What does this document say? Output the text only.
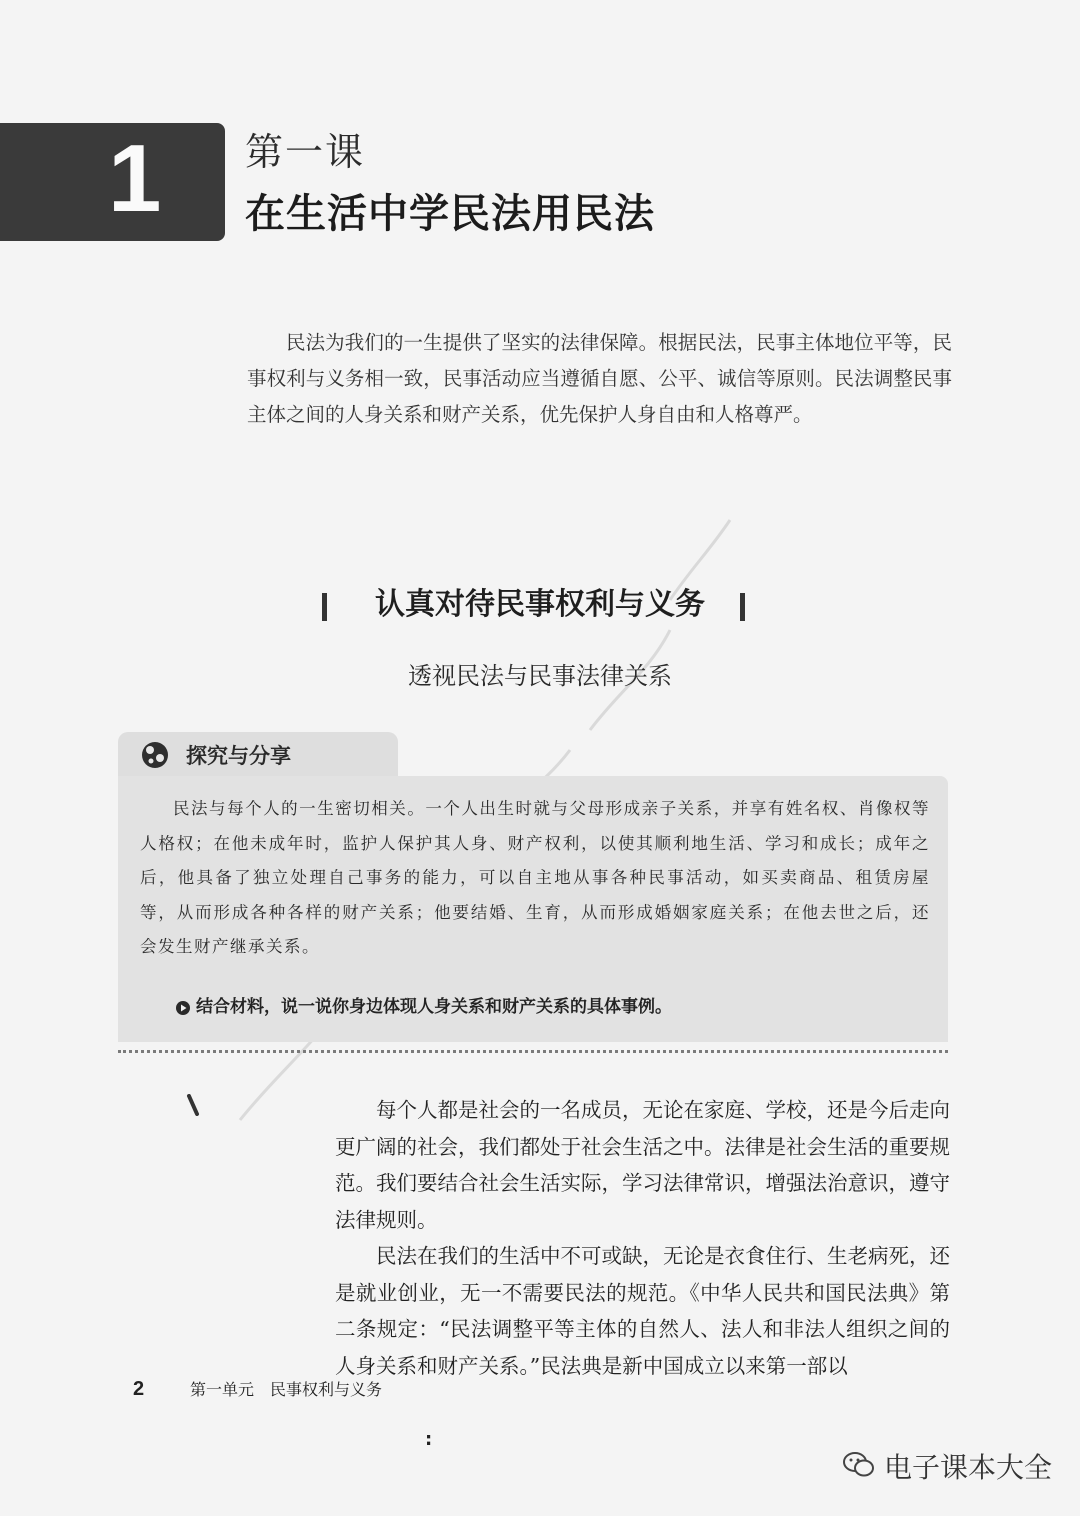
1 第一课
在生活中学民法用民法

民法为我们的一生提供了坚实的法律保障。根据民法，民事主体地位平等，民事权利与义务相一致，民事活动应当遵循自愿、公平、诚信等原则。民法调整民事主体之间的人身关系和财产关系，优先保护人身自由和人格尊严。

认真对待民事权利与义务
透视民法与民事法律关系
探究与分享

民法与每个人的一生密切相关。一个人出生时就与父母形成亲子关系，并享有姓名权、肖像权等人格权；在他未成年时，监护人保护其人身、财产权利，以使其顺利地生活、学习和成长；成年之后，他具备了独立处理自己事务的能力，可以自主地从事各种民事活动，如买卖商品、租赁房屋等，从而形成各种各样的财产关系；他要结婚、生育，从而形成婚姻家庭关系；在他去世之后，还会发生财产继承关系。

结合材料，说一说你身边体现人身关系和财产关系的具体事例。

每个人都是社会的一名成员，无论在家庭、学校，还是今后走向更广阔的社会，我们都处于社会生活之中。法律是社会生活的重要规范。我们要结合社会生活实际，学习法律常识，增强法治意识，遵守法律规则。

民法在我们的生活中不可或缺，无论是衣食住行、生老病死，还是就业创业，无一不需要民法的规范。《中华人民共和国民法典》第二条规定：“民法调整平等主体的自然人、法人和非法人组织之间的人身关系和财产关系。”民法典是新中国成立以来第一部以

2	第一单元　民事权利与义务
:
电子课本大全
